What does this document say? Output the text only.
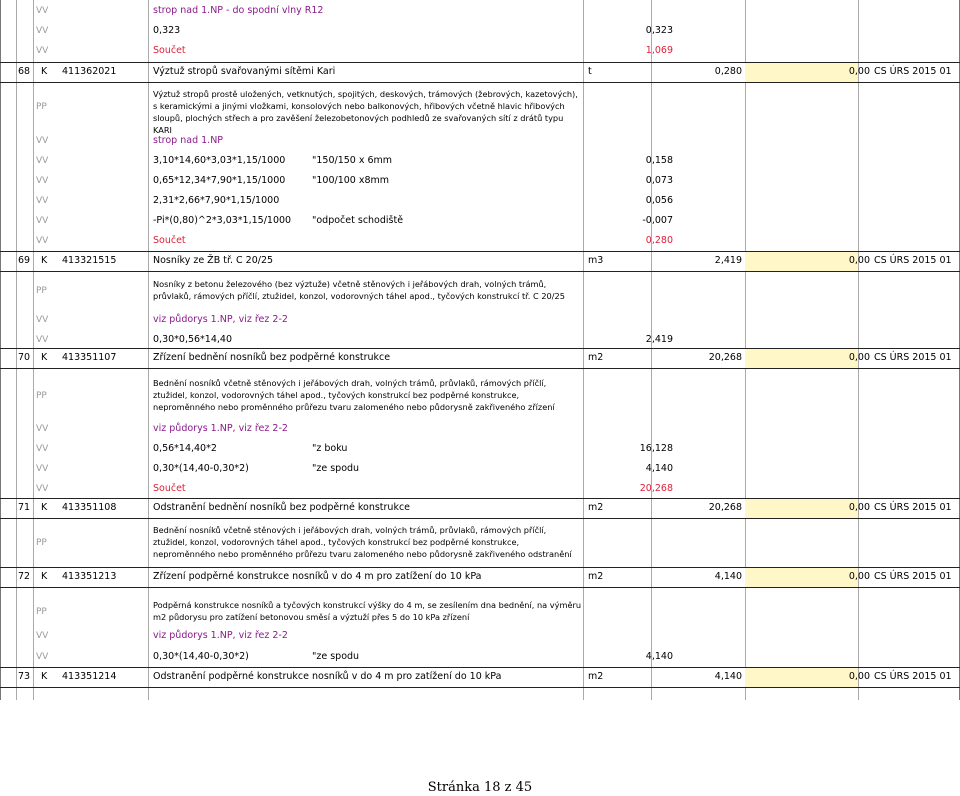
VV	strop nad 1.NP - do spodní vlny R12
VV	0,323	0,323
VV	Součet	1,069
68 K 411362021	Výztuž stropů svařovanými sítěmi Kari	t	0,280	0,00 CS ÚRS 2015 01
PP
Výztuž stropů prostě uložených, vetknutých, spojitých, deskových, trámových (žebrových, kazetových), s keramickými a jinými vložkami, konsolových nebo balkonových, hřibových včetně hlavic hřibových sloupů, plochých střech a pro zavěšení železobetonových podhledů ze svařovaných sítí z drátů typu KARI
VV	strop nad 1.NP
VV	3,10*14,60*3,03*1,15/1000	"150/150 x 6mm	0,158
VV	0,65*12,34*7,90*1,15/1000	"100/100 x8mm	0,073
VV	2,31*2,66*7,90*1,15/1000	0,056
VV	-Pi*(0,80)^2*3,03*1,15/1000 "odpočet schodiště	-0,007
VV	Součet	0,280
69 K 413321515	Nosníky ze ŽB tř. C 20/25	m3	2,419	0,00 CS ÚRS 2015 01
PP
Nosníky z betonu železového (bez výztuže) včetně stěnových i jeřábových drah, volných trámů, průvlaků, rámových příčlí, ztužidel, konzol, vodorovných táhel apod., tyčových konstrukcí tř. C 20/25
VV	viz půdorys 1.NP, viz řez 2-2
VV	0,30*0,56*14,40	2,419
70 K 413351107	Zřízení bednění nosníků bez podpěrné konstrukce	m2	20,268	0,00 CS ÚRS 2015 01
PP
Bednění nosníků včetně stěnových i jeřábových drah, volných trámů, průvlaků, rámových příčlí, ztužidel, konzol, vodorovných táhel apod., tyčových konstrukcí bez podpěrné konstrukce, neproměnného nebo proměnného průřezu tvaru zalomeného nebo půdorysně zakřiveného zřízení
VV	viz půdorys 1.NP, viz řez 2-2
VV	0,56*14,40*2	"z boku	16,128
VV	0,30*(14,40-0,30*2)	"ze spodu	4,140
VV	Součet	20,268
71 K 413351108	Odstranění bednění nosníků bez podpěrné konstrukce	m2	20,268	0,00 CS ÚRS 2015 01
PP
Bednění nosníků včetně stěnových i jeřábových drah, volných trámů, průvlaků, rámových příčlí, ztužidel, konzol, vodorovných táhel apod., tyčových konstrukcí bez podpěrné konstrukce, neproměnného nebo proměnného průřezu tvaru zalomeného nebo půdorysně zakřiveného odstranění
72 K 413351213	Zřízení podpěrné konstrukce nosníků v do 4 m pro zatížení do 10 kPa	m2	4,140	0,00 CS ÚRS 2015 01
PP
Podpěrná konstrukce nosníků a tyčových konstrukcí výšky do 4 m, se zesílením dna bednění, na výměru m2 půdorysu pro zatížení betonovou směsí a výztuží přes 5 do 10 kPa zřízení
VV	viz půdorys 1.NP, viz řez 2-2
VV	0,30*(14,40-0,30*2)	"ze spodu	4,140
73 K 413351214	Odstranění podpěrné konstrukce nosníků v do 4 m pro zatížení do 10 kPa	m2	4,140	0,00 CS ÚRS 2015 01
Stránka 18 z 45
